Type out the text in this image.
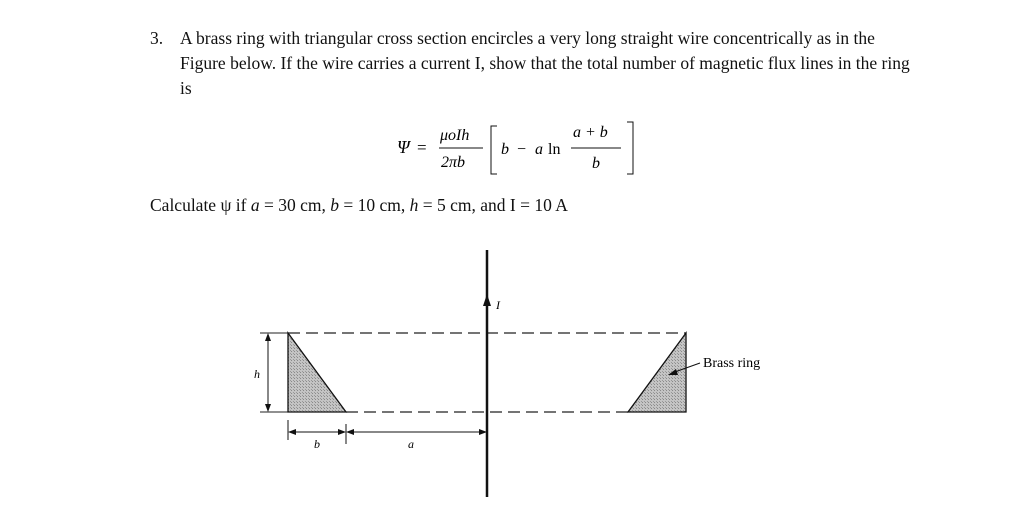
3. A brass ring with triangular cross section encircles a very long straight wire concentrically as in the Figure below. If the wire carries a current I, show that the total number of magnetic flux lines in the ring is
Ψ =
μoIh
2πb
b − a ln
a + b
b
Calculate ψ if a = 30 cm, b = 10 cm, h = 5 cm, and I = 10 A
I
h
b	a
Brass ring
